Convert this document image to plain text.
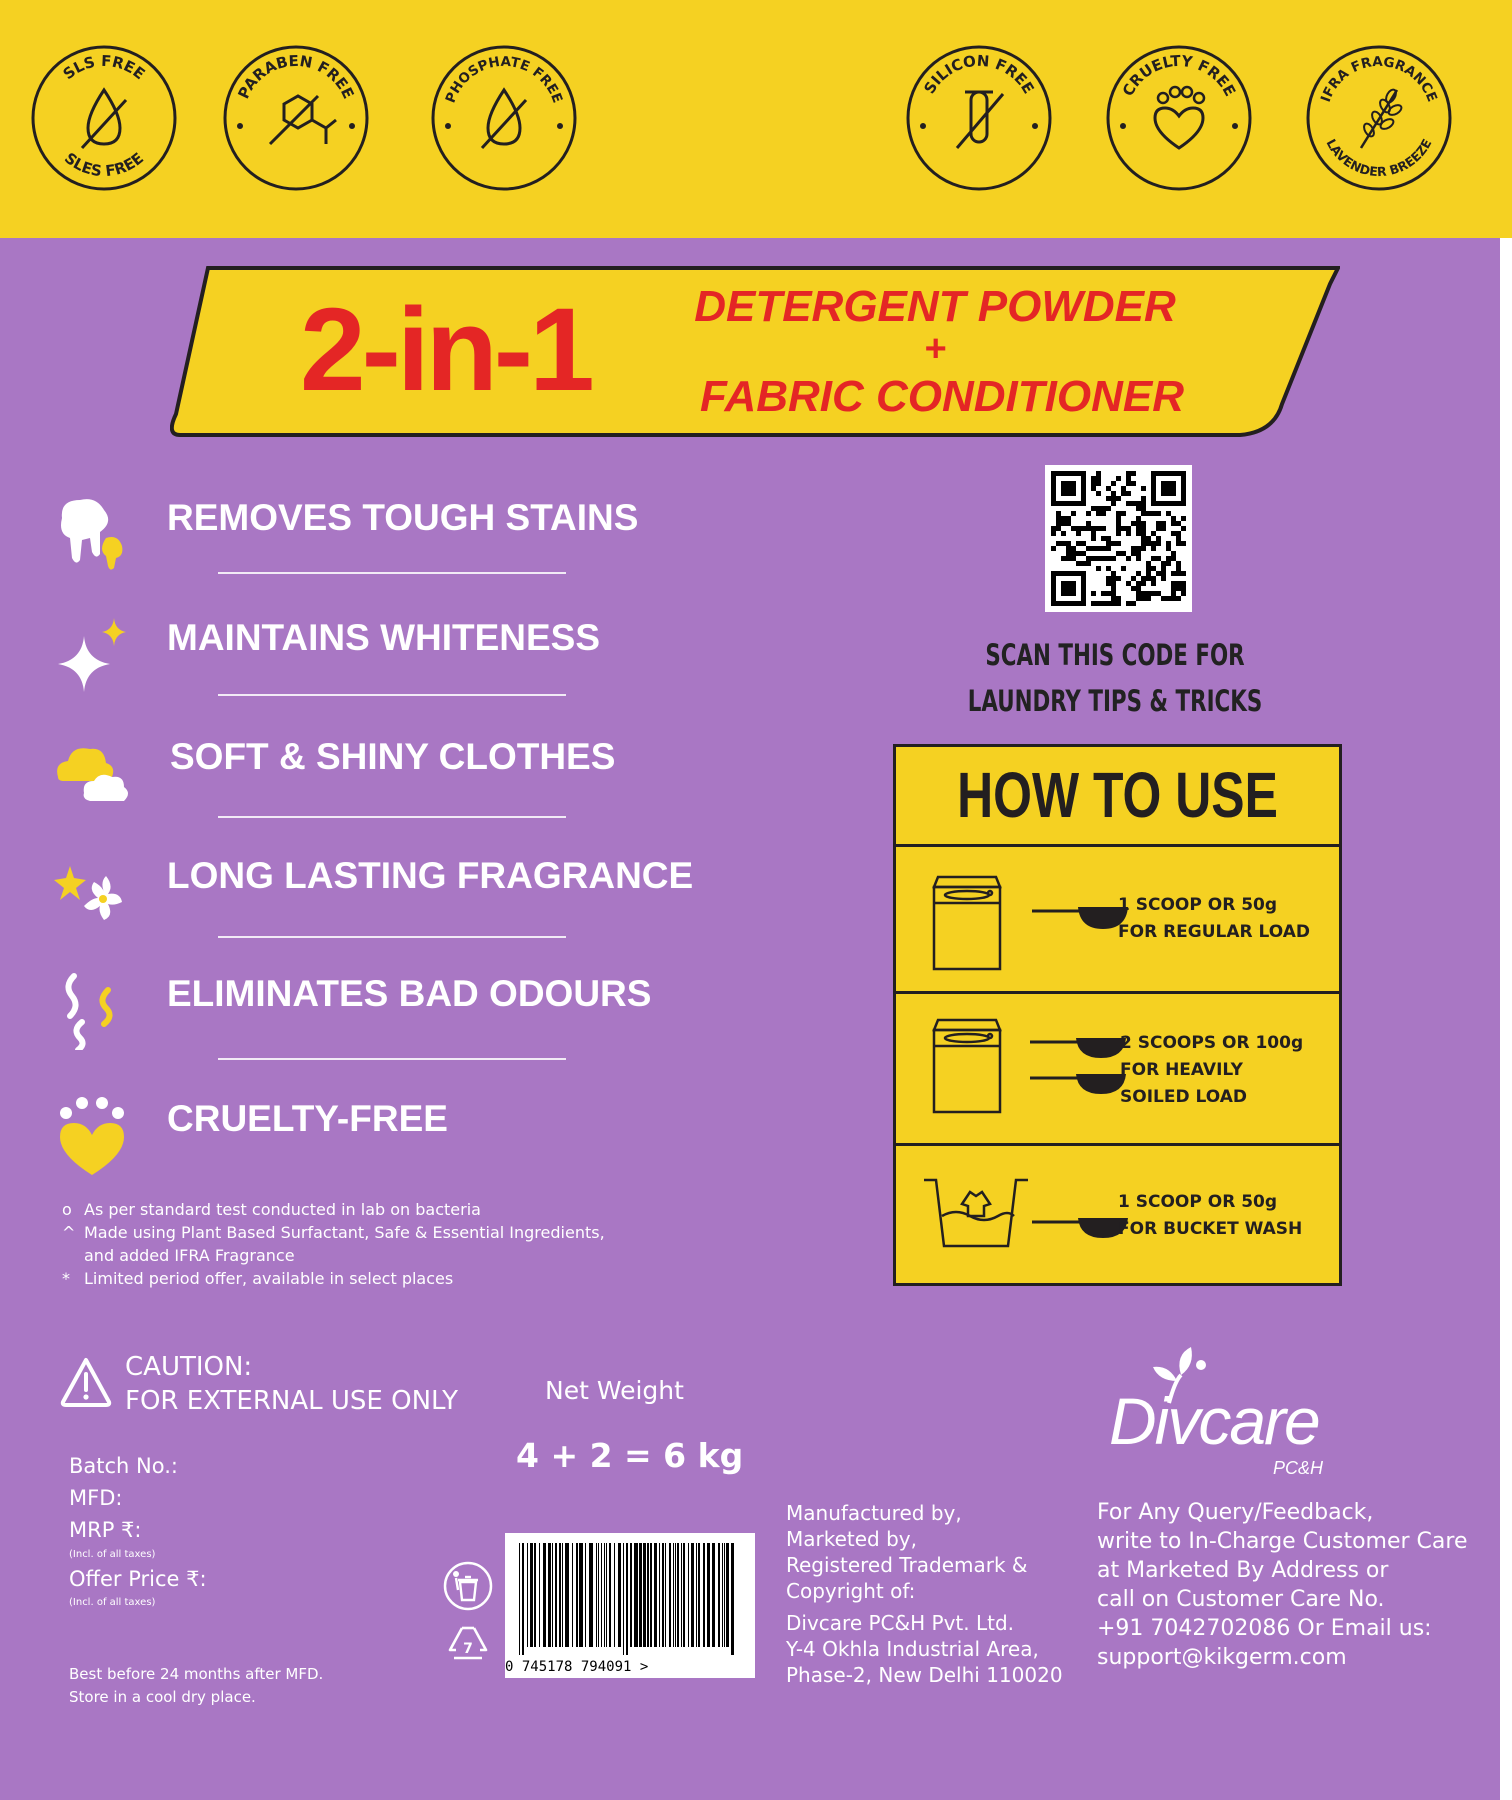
SLS FREE
SLES FREE
PARABEN FREE	PHOSPHATE FREE
SILICON FREE	CRUELTY FREE	IFRA FRAGRANCE
LAVENDER BREEZE
2-in-1	DETERGENT POWDER
+
FABRIC CONDITIONER
REMOVES TOUGH STAINS
MAINTAINS WHITENESS
SOFT & SHINY CLOTHES
LONG LASTING FRAGRANCE
ELIMINATES BAD ODOURS
CRUELTY-FREE
o As per standard test conducted in lab on bacteria
^ Made using Plant Based Surfactant, Safe & Essential Ingredients,
and added IFRA Fragrance
* Limited period offer, available in select places
SCAN THIS CODE FOR
LAUNDRY TIPS & TRICKS
HOW TO USE
1 SCOOP OR 50g
FOR REGULAR LOAD
2 SCOOPS OR 100g
FOR HEAVILY
SOILED LOAD
1 SCOOP OR 50g
FOR BUCKET WASH
CAUTION:
FOR EXTERNAL USE ONLY	Net Weight
4 + 2 = 6 kg
Batch No.:
MFD:
MRP ₹:
(Incl. of all taxes)
Offer Price ₹:
(Incl. of all taxes)
Best before 24 months after MFD.
Store in a cool dry place.
7
0 745178 794091 >
Manufactured by,
Marketed by,
Registered Trademark &
Copyright of:
Divcare PC&H Pvt. Ltd.
Y-4 Okhla Industrial Area,
Phase-2, New Delhi 110020
Divcare
PC&H
For Any Query/Feedback,
write to In-Charge Customer Care
at Marketed By Address or
call on Customer Care No.
+91 7042702086 Or Email us:
support@kikgerm.com
